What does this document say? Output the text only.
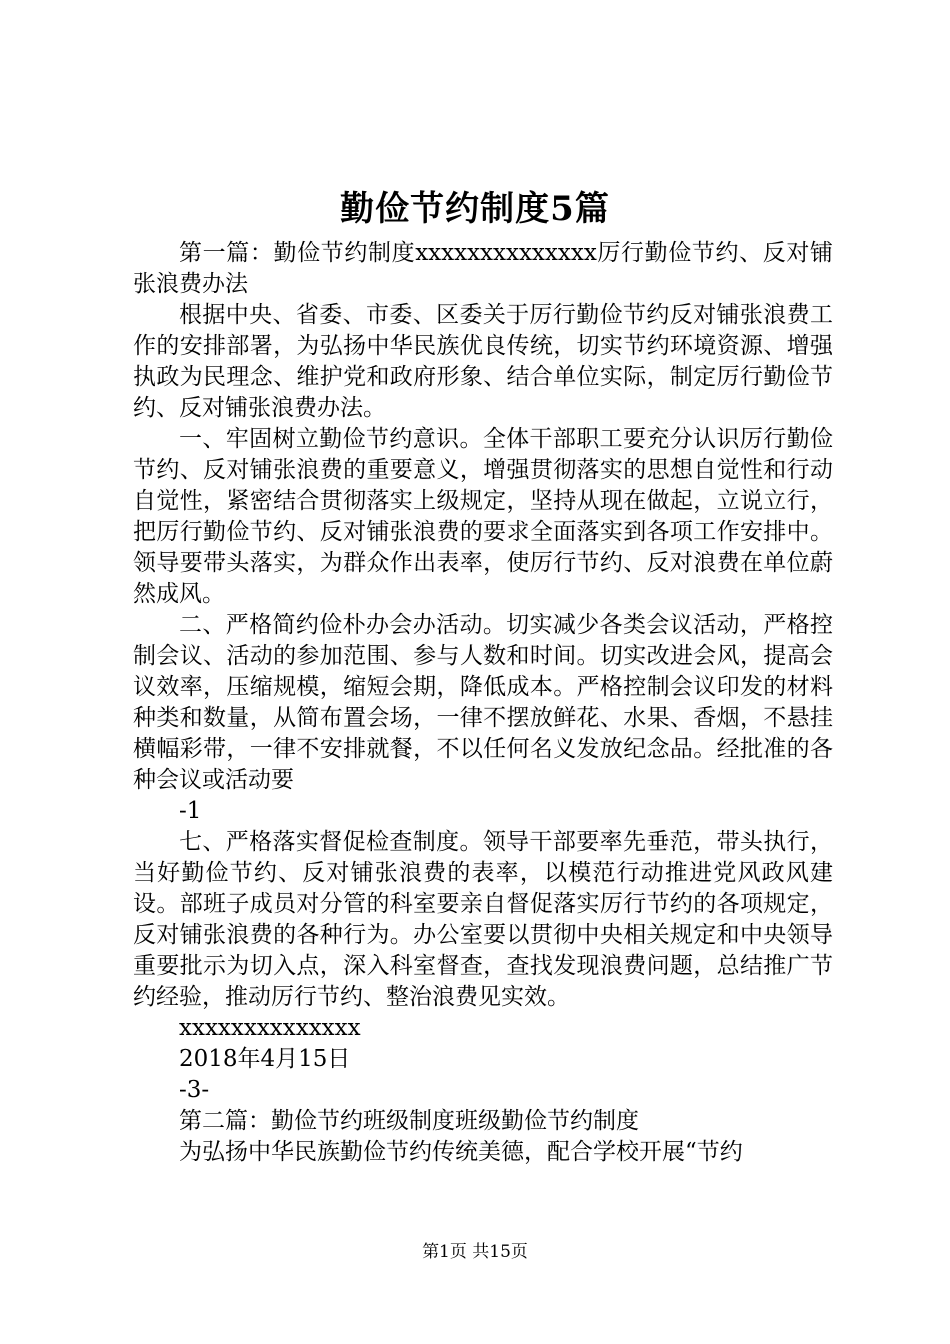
勤俭节约制度5篇

第一篇：勤俭节约制度xxxxxxxxxxxxxx厉行勤俭节约、反对铺张浪费办法

根据中央、省委、市委、区委关于厉行勤俭节约反对铺张浪费工作的安排部署，为弘扬中华民族优良传统，切实节约环境资源、增强执政为民理念、维护党和政府形象、结合单位实际，制定厉行勤俭节约、反对铺张浪费办法。

一、牢固树立勤俭节约意识。全体干部职工要充分认识厉行勤俭节约、反对铺张浪费的重要意义，增强贯彻落实的思想自觉性和行动自觉性，紧密结合贯彻落实上级规定，坚持从现在做起，立说立行，把厉行勤俭节约、反对铺张浪费的要求全面落实到各项工作安排中。领导要带头落实，为群众作出表率，使厉行节约、反对浪费在单位蔚然成风。

二、严格简约俭朴办会办活动。切实减少各类会议活动，严格控制会议、活动的参加范围、参与人数和时间。切实改进会风，提高会议效率，压缩规模，缩短会期，降低成本。严格控制会议印发的材料种类和数量，从简布置会场，一律不摆放鲜花、水果、香烟，不悬挂横幅彩带，一律不安排就餐，不以任何名义发放纪念品。经批准的各种会议或活动要

-1

七、严格落实督促检查制度。领导干部要率先垂范，带头执行，当好勤俭节约、反对铺张浪费的表率，以模范行动推进党风政风建设。部班子成员对分管的科室要亲自督促落实厉行节约的各项规定，反对铺张浪费的各种行为。办公室要以贯彻中央相关规定和中央领导重要批示为切入点，深入科室督查，查找发现浪费问题，总结推广节约经验，推动厉行节约、整治浪费见实效。

xxxxxxxxxxxxxx

2018年4月15日

-3-

第二篇：勤俭节约班级制度班级勤俭节约制度

为弘扬中华民族勤俭节约传统美德，配合学校开展“节约

第1页 共15页
